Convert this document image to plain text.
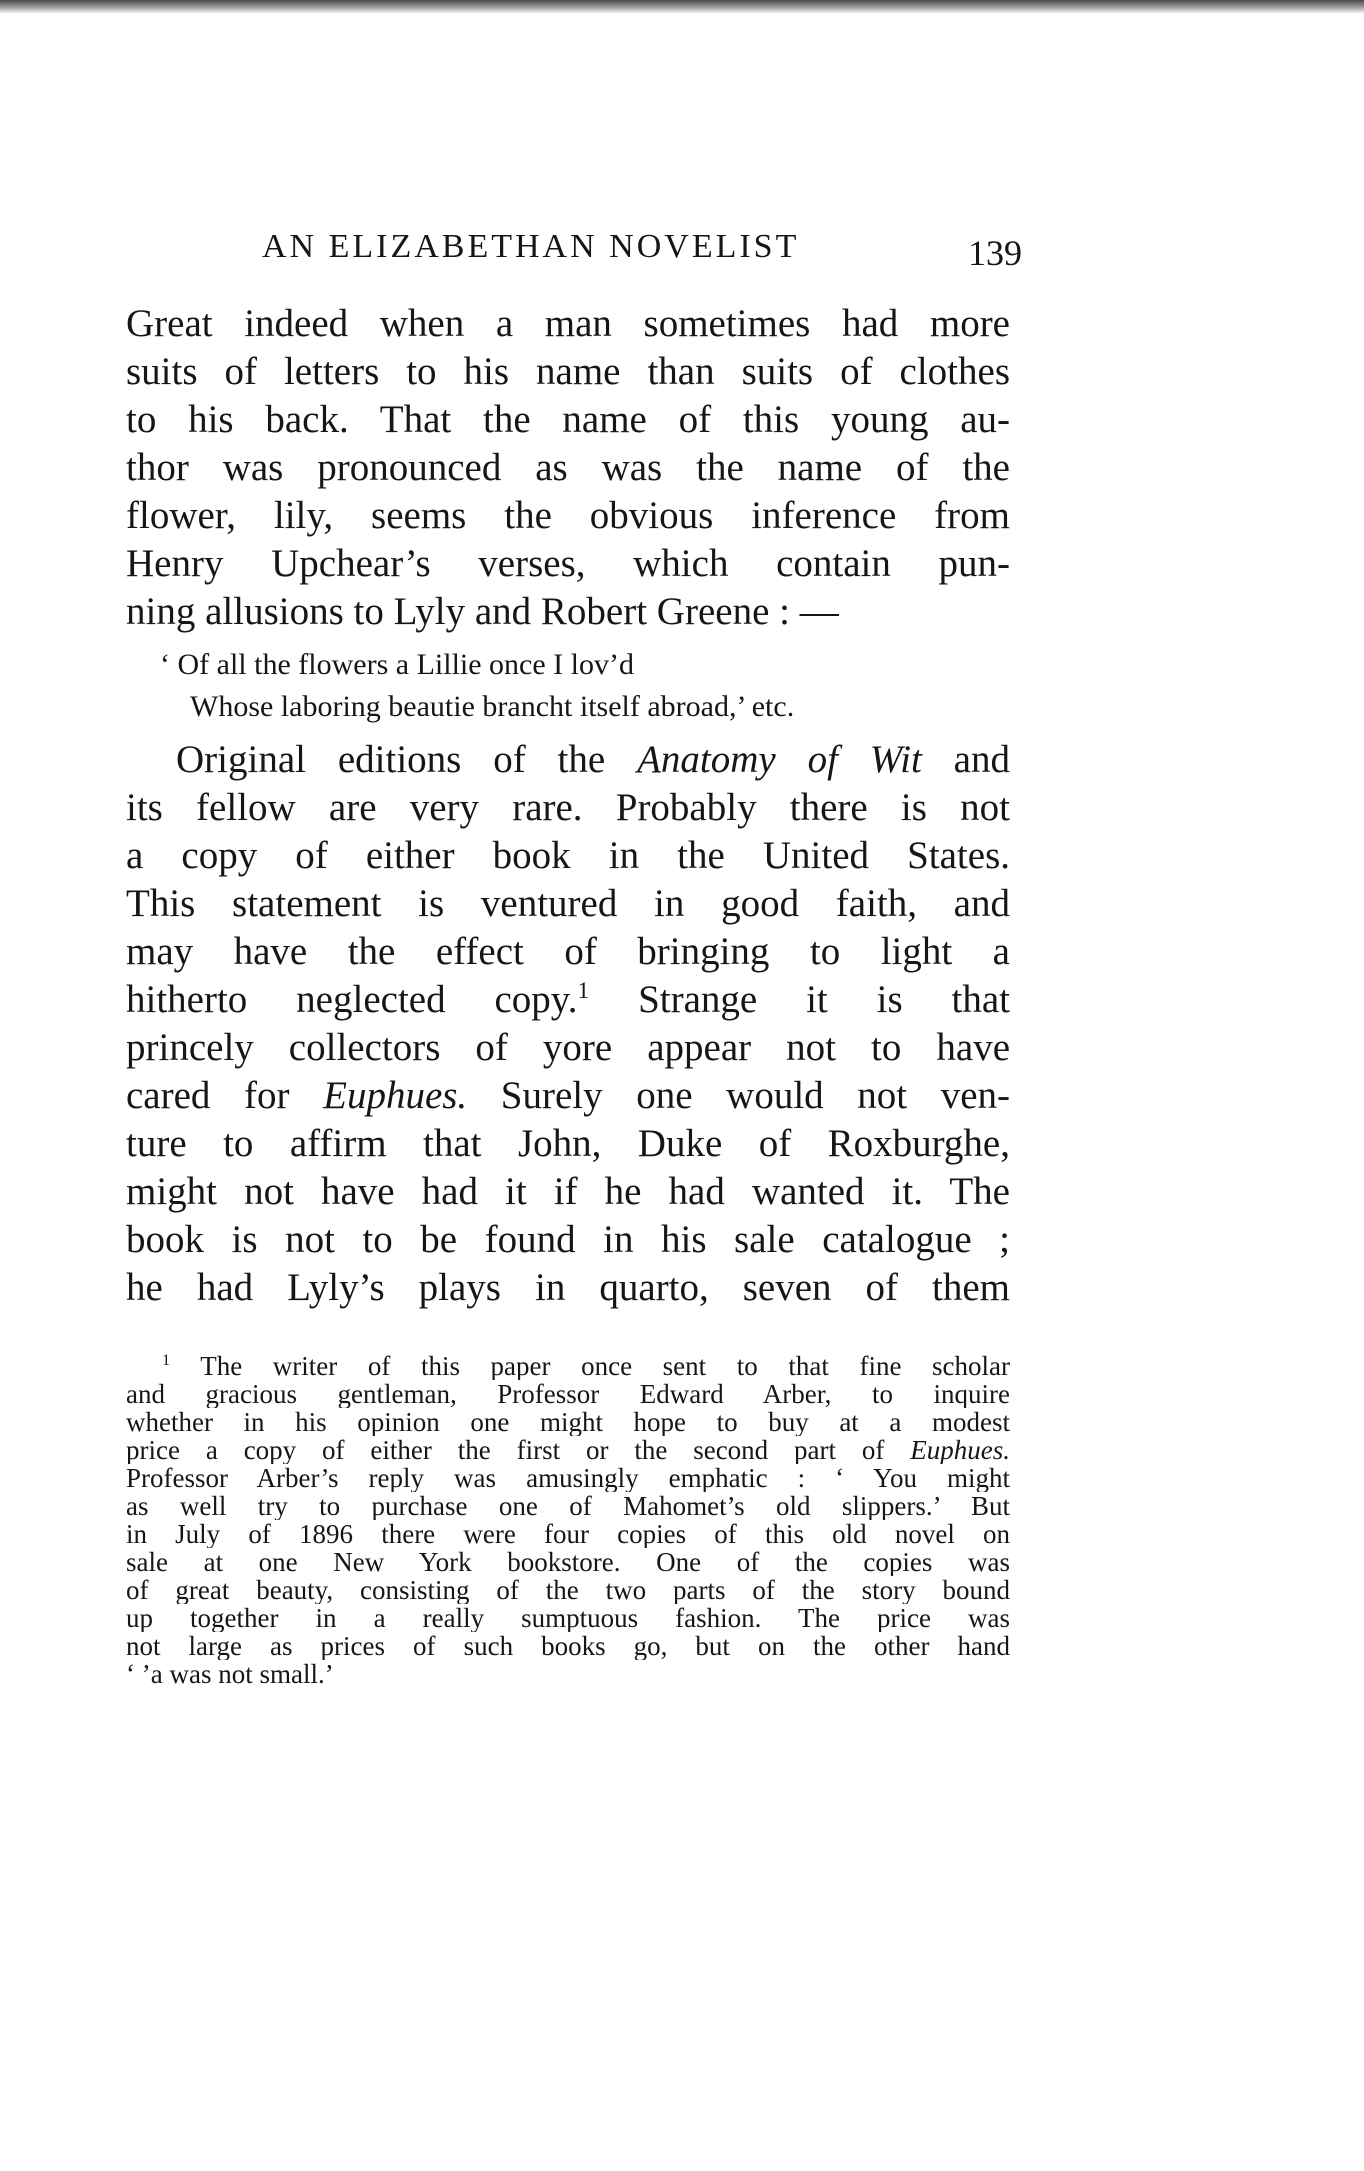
AN ELIZABETHAN NOVELIST	139
Great indeed when a man sometimes had more
suits of letters to his name than suits of clothes
to his back. That the name of this young au-
thor was pronounced as was the name of the
flower, lily, seems the obvious inference from
Henry Upchear’s verses, which contain pun-
ning allusions to Lyly and Robert Greene : —
‘ Of all the flowers a Lillie once I lov’d
Whose laboring beautie brancht itself abroad,’ etc.
Original editions of the Anatomy of Wit and
its fellow are very rare. Probably there is not
a copy of either book in the United States.
This statement is ventured in good faith, and
may have the effect of bringing to light a
hitherto neglected copy.$^1$ Strange it is that
princely collectors of yore appear not to have
cared for Euphues. Surely one would not ven-
ture to affirm that John, Duke of Roxburghe,
might not have had it if he had wanted it. The
book is not to be found in his sale catalogue ;
he had Lyly’s plays in quarto, seven of them
$^1$ The writer of this paper once sent to that fine scholar
and gracious gentleman, Professor Edward Arber, to inquire
whether in his opinion one might hope to buy at a modest
price a copy of either the first or the second part of Euphues.
Professor Arber’s reply was amusingly emphatic : ‘ You might
as well try to purchase one of Mahomet’s old slippers.’ But
in July of 1896 there were four copies of this old novel on
sale at one New York bookstore. One of the copies was
of great beauty, consisting of the two parts of the story bound
up together in a really sumptuous fashion. The price was
not large as prices of such books go, but on the other hand
‘ ’a was not small.’
